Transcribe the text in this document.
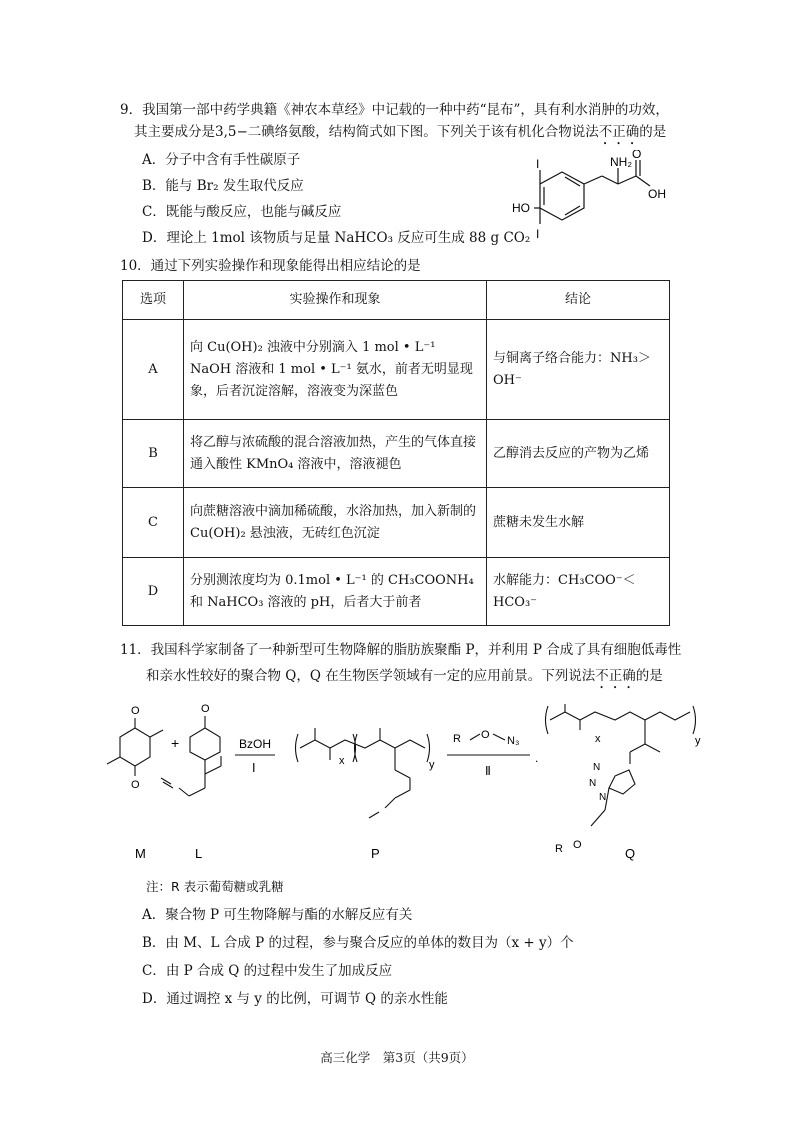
9．我国第一部中药学典籍《神农本草经》中记载的一种中药“昆布”，具有利水消肿的功效，
其主要成分是3,5−二碘络氨酸，结构简式如下图。下列关于该有机化合物说法不正确的是
A．分子中含有手性碳原子
B．能与 Br₂ 发生取代反应
C．既能与酸反应，也能与碱反应
D．理论上 1mol 该物质与足量 NaHCO₃ 反应可生成 88 g CO₂
I
I
HO
NH₂
O
OH
10．通过下列实验操作和现象能得出相应结论的是
选项	实验操作和现象	结论
A	向 Cu(OH)₂ 浊液中分别滴入 1 mol • L⁻¹ NaOH 溶液和 1 mol • L⁻¹ 氨水，前者无明显现象，后者沉淀溶解，溶液变为深蓝色	与铜离子络合能力：NH₃＞OH⁻
B	将乙醇与浓硫酸的混合溶液加热，产生的气体直接通入酸性 KMnO₄ 溶液中，溶液褪色	乙醇消去反应的产物为乙烯
C	向蔗糖溶液中滴加稀硫酸，水浴加热，加入新制的 Cu(OH)₂ 悬浊液，无砖红色沉淀	蔗糖未发生水解
D	分别测浓度均为 0.1mol • L⁻¹ 的 CH₃COONH₄ 和 NaHCO₃ 溶液的 pH，后者大于前者	水解能力：CH₃COO⁻＜HCO₃⁻
11．我国科学家制备了一种新型可生物降解的脂肪族聚酯 P，并利用 P 合成了具有细胞低毒性
和亲水性较好的聚合物 Q，Q 在生物医学领域有一定的应用前景。下列说法不正确的是
O
O
+
O
BzOH
Ⅰ	x	y
R O N₃
Ⅱ
.
x	y
N
N
N
R O
M	L	P	Q
注：R 表示葡萄糖或乳糖
A．聚合物 P 可生物降解与酯的水解反应有关
B．由 M、L 合成 P 的过程，参与聚合反应的单体的数目为（x + y）个
C．由 P 合成 Q 的过程中发生了加成反应
D．通过调控 x 与 y 的比例，可调节 Q 的亲水性能
高三化学　第3页（共9页）
